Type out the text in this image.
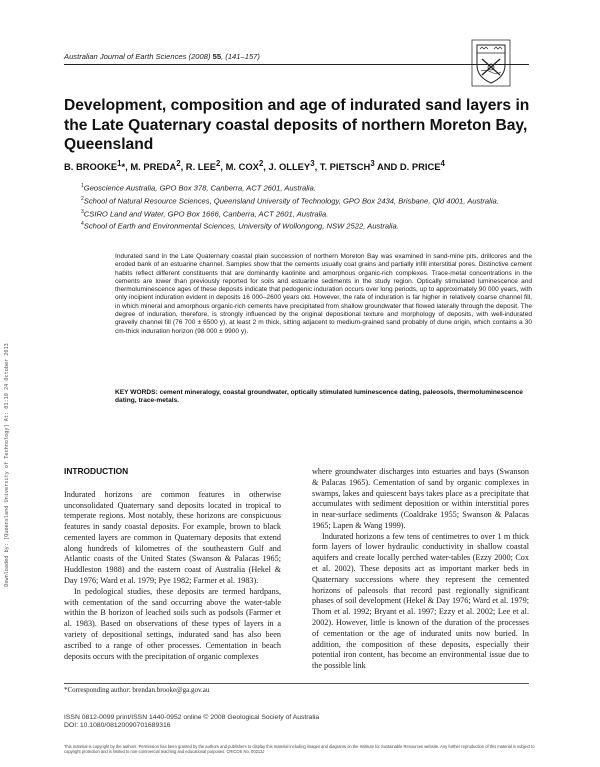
Downloaded by: [Queensland University of Technology] At: 01:10 24 October 2013
Australian Journal of Earth Sciences (2008) 55, (141–157)
Development, composition and age of indurated sand layers in the Late Quaternary coastal deposits of northern Moreton Bay, Queensland
B. BROOKE$^1$*, M. PREDA$^2$, R. LEE$^2$, M. COX$^2$, J. OLLEY$^3$, T. PIETSCH$^3$ AND D. PRICE$^4$

$^1$Geoscience Australia, GPO Box 378, Canberra, ACT 2601, Australia.

$^2$School of Natural Resource Sciences, Queensland University of Technology, GPO Box 2434, Brisbane, Qld 4001, Australia.

$^3$CSIRO Land and Water, GPO Box 1666, Canberra, ACT 2601, Australia.

$^4$School of Earth and Environmental Sciences, University of Wollongong, NSW 2522, Australia.

Indurated sand in the Late Quaternary coastal plain succession of northern Moreton Bay was examined in sand-mine pits, drillcores and the eroded bank of an estuarine channel. Samples show that the cements usually coat grains and partially infill interstitial pores. Distinctive cement habits reflect different constituents that are dominantly kaolinite and amorphous organic-rich complexes. Trace-metal concentrations in the cements are lower than previously reported for soils and estuarine sediments in the study region. Optically stimulated luminescence and thermoluminescence ages of these deposits indicate that pedogenic induration occurs over long periods, up to approximately 90 000 years, with only incipient induration evident in deposits 16 000–2600 years old. However, the rate of induration is far higher in relatively coarse channel fill, in which mineral and amorphous organic-rich cements have precipitated from shallow groundwater that flowed laterally through the deposit. The degree of induration, therefore, is strongly influenced by the original depositional texture and morphology of deposits, with well-indurated gravelly channel fill (76 700 ± 6500 y), at least 2 m thick, sitting adjacent to medium-grained sand probably of dune origin, which contains a 30 cm-thick induration horizon (98 000 ± 9900 y).

KEY WORDS: cement mineralogy, coastal groundwater, optically stimulated luminescence dating, paleosols, thermoluminescence dating, trace-metals.

INTRODUCTION

Indurated horizons are common features in otherwise unconsolidated Quaternary sand deposits located in tropical to temperate regions. Most notably, these horizons are conspicuous features in sandy coastal deposits. For example, brown to black cemented layers are common in Quaternary deposits that extend along hundreds of kilometres of the southeastern Gulf and Atlantic coasts of the United States (Swanson & Palacas 1965; Huddleston 1988) and the eastern coast of Australia (Hekel & Day 1976; Ward et al. 1979; Pye 1982; Farmer et al. 1983).

In pedological studies, these deposits are termed hardpans, with cementation of the sand occurring above the water-table within the B horizon of leached soils such as podsols (Farmer et al. 1983). Based on observations of these types of layers in a variety of depositional settings, indurated sand has also been ascribed to a range of other processes. Cementation in beach deposits occurs with the precipitation of organic complexes

where groundwater discharges into estuaries and bays (Swanson & Palacas 1965). Cementation of sand by organic complexes in swamps, lakes and quiescent bays takes place as a precipitate that accumulates with sediment deposition or within interstitial pores in near-surface sediments (Coaldrake 1955; Swanson & Palacas 1965; Lapen & Wang 1999).

Indurated horizons a few tens of centimetres to over 1 m thick form layers of lower hydraulic conductivity in shallow coastal aquifers and create locally perched water-tables (Ezzy 2000; Cox et al. 2002). These deposits act as important marker beds in Quaternary successions where they represent the cemented horizons of paleosols that record past regionally significant phases of soil development (Hekel & Day 1976; Ward et al. 1979; Thom et al. 1992; Bryant et al. 1997; Ezzy et al. 2002; Lee et al. 2002). However, little is known of the duration of the processes of cementation or the age of indurated units now buried. In addition, the composition of these deposits, especially their potential iron content, has become an environmental issue due to the possible link

*Corresponding author: brendan.brooke@ga.gov.au
ISSN 0812-0099 print/ISSN 1440-0952 online © 2008 Geological Society of Australia
DOI: 10.1080/08120090701689316
This material is copyright by the authors. Permission has been granted by the authors and publishers to display this material including images and diagrams on the Institute for Sustainable Resources website. Any further reproduction of this material is subject to copyright protection and is limited to non-commercial teaching and educational purposes. CRICOS No. 00213J
